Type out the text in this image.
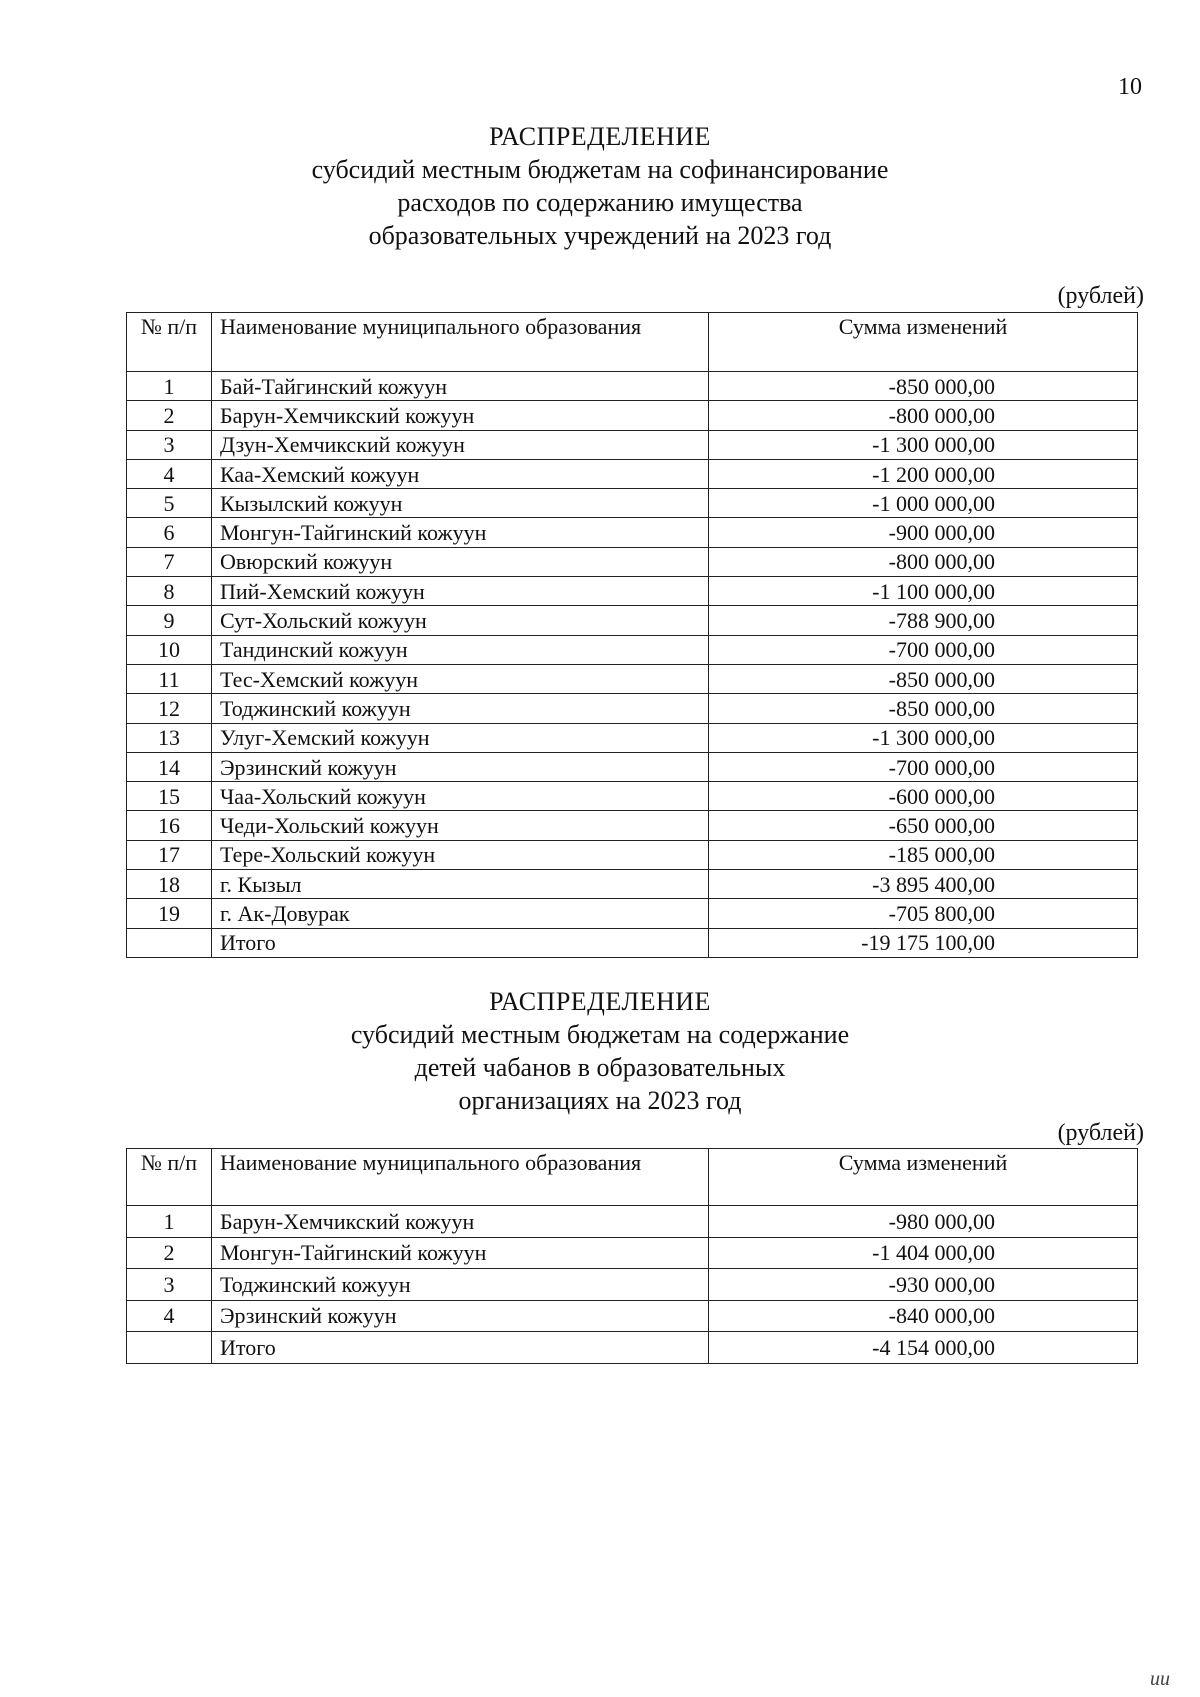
10
РАСПРЕДЕЛЕНИЕ
субсидий местным бюджетам на софинансирование
расходов по содержанию имущества
образовательных учреждений на 2023 год
(рублей)
№ п/п	Наименование муниципального образования	Сумма изменений
1	Бай-Тайгинский кожуун	-850 000,00
2	Барун-Хемчикский кожуун	-800 000,00
3	Дзун-Хемчикский кожуун	-1 300 000,00
4	Каа-Хемский кожуун	-1 200 000,00
5	Кызылский кожуун	-1 000 000,00
6	Монгун-Тайгинский кожуун	-900 000,00
7	Овюрский кожуун	-800 000,00
8	Пий-Хемский кожуун	-1 100 000,00
9	Сут-Хольский кожуун	-788 900,00
10	Тандинский кожуун	-700 000,00
11	Тес-Хемский кожуун	-850 000,00
12	Тоджинский кожуун	-850 000,00
13	Улуг-Хемский кожуун	-1 300 000,00
14	Эрзинский кожуун	-700 000,00
15	Чаа-Хольский кожуун	-600 000,00
16	Чеди-Хольский кожуун	-650 000,00
17	Тере-Хольский кожуун	-185 000,00
18	г. Кызыл	-3 895 400,00
19	г. Ак-Довурак	-705 800,00
	Итого	-19 175 100,00
РАСПРЕДЕЛЕНИЕ
субсидий местным бюджетам на содержание
детей чабанов в образовательных
организациях на 2023 год
(рублей)
№ п/п	Наименование муниципального образования	Сумма изменений
1	Барун-Хемчикский кожуун	-980 000,00
2	Монгун-Тайгинский кожуун	-1 404 000,00
3	Тоджинский кожуун	-930 000,00
4	Эрзинский кожуун	-840 000,00
	Итого	-4 154 000,00
ии
